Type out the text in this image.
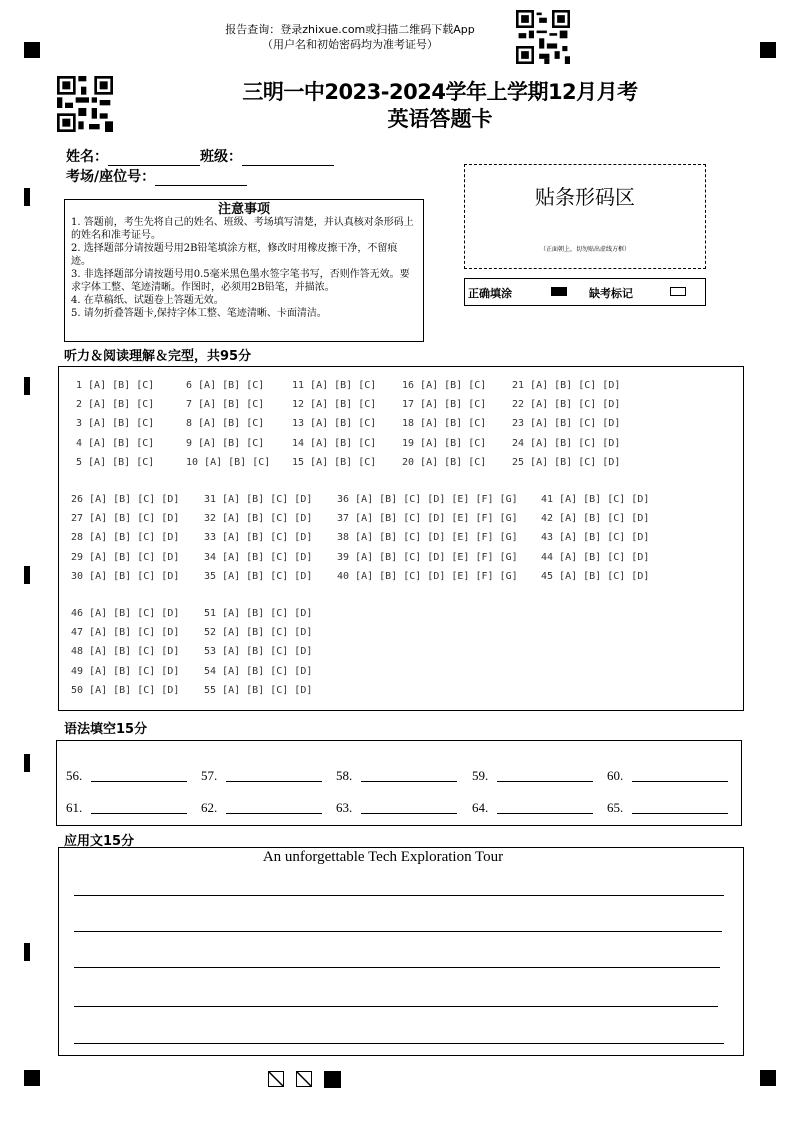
报告查询：登录zhixue.com或扫描二维码下载App
（用户名和初始密码均为准考证号）
三明一中2023-2024学年上学期12月月考
英语答题卡
姓名：	班级：
考场/座位号：
注意事项

1. 答题前，考生先将自己的姓名、班级、考场填写清楚，并认真核对条形码上的姓名和准考证号。

2. 选择题部分请按题号用2B铅笔填涂方框，修改时用橡皮擦干净，不留痕迹。

3. 非选择题部分请按题号用0.5毫米黑色墨水签字笔书写，否则作答无效。要求字体工整、笔迹清晰。作图时，必须用2B铅笔，并描浓。

4. 在草稿纸、试题卷上答题无效。

5. 请勿折叠答题卡,保持字体工整、笔迹清晰、卡面清洁。

贴条形码区
（正面朝上，切勿贴出虚线方框）
正确填涂	缺考标记
听力＆阅读理解＆完型，共95分
1 [A] [B] [C]
2 [A] [B] [C]
3 [A] [B] [C]
4 [A] [B] [C]
5 [A] [B] [C]
6 [A] [B] [C]
7 [A] [B] [C]
8 [A] [B] [C]
9 [A] [B] [C]
10 [A] [B] [C]
11 [A] [B] [C]
12 [A] [B] [C]
13 [A] [B] [C]
14 [A] [B] [C]
15 [A] [B] [C]
16 [A] [B] [C]
17 [A] [B] [C]
18 [A] [B] [C]
19 [A] [B] [C]
20 [A] [B] [C]
21 [A] [B] [C] [D]
22 [A] [B] [C] [D]
23 [A] [B] [C] [D]
24 [A] [B] [C] [D]
25 [A] [B] [C] [D]
26 [A] [B] [C] [D]
27 [A] [B] [C] [D]
28 [A] [B] [C] [D]
29 [A] [B] [C] [D]
30 [A] [B] [C] [D]
31 [A] [B] [C] [D]
32 [A] [B] [C] [D]
33 [A] [B] [C] [D]
34 [A] [B] [C] [D]
35 [A] [B] [C] [D]
36 [A] [B] [C] [D] [E] [F] [G]
37 [A] [B] [C] [D] [E] [F] [G]
38 [A] [B] [C] [D] [E] [F] [G]
39 [A] [B] [C] [D] [E] [F] [G]
40 [A] [B] [C] [D] [E] [F] [G]
41 [A] [B] [C] [D]
42 [A] [B] [C] [D]
43 [A] [B] [C] [D]
44 [A] [B] [C] [D]
45 [A] [B] [C] [D]
46 [A] [B] [C] [D]
47 [A] [B] [C] [D]
48 [A] [B] [C] [D]
49 [A] [B] [C] [D]
50 [A] [B] [C] [D]
51 [A] [B] [C] [D]
52 [A] [B] [C] [D]
53 [A] [B] [C] [D]
54 [A] [B] [C] [D]
55 [A] [B] [C] [D]
语法填空15分
56.	57.	58.	59.	60.
61.	62.	63.	64.	65.
应用文15分
An unforgettable Tech Exploration Tour
